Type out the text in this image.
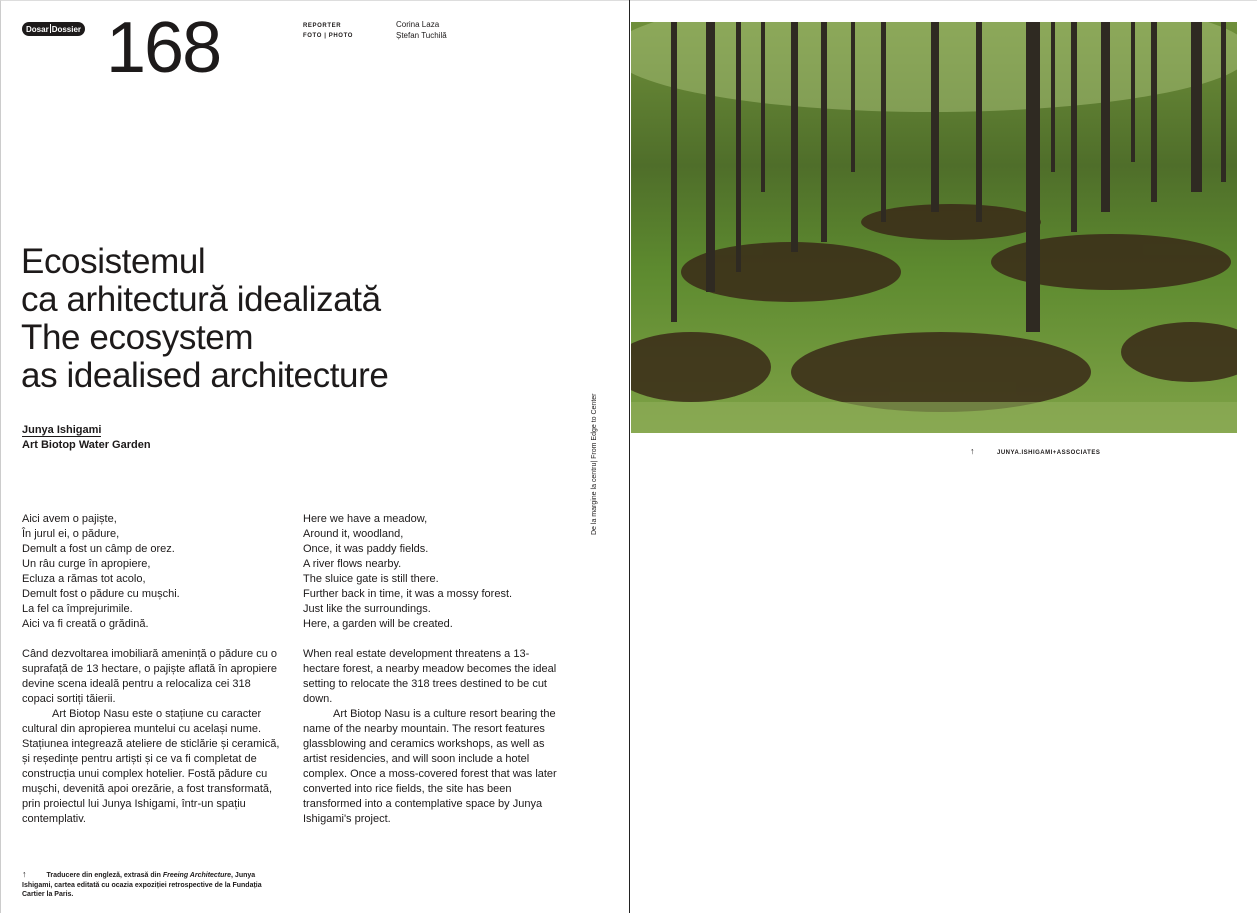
Dosar Dossier 168	REPORTER
FOTO | PHOTO
Corina Laza
Ștefan Tuchilă
Ecosistemul
ca arhitectură idealizată
The ecosystem
as idealised architecture
Junya Ishigami
Art Biotop Water Garden

Aici avem o pajiște,
În jurul ei, o pădure,
Demult a fost un câmp de orez.
Un râu curge în apropiere,
Ecluza a rămas tot acolo,
Demult fost o pădure cu mușchi.
La fel ca împrejurimile.
Aici va fi creată o grădină.

Când dezvoltarea imobiliară amenință o pădure cu o suprafață de 13 hectare, o pajiște aflată în apropiere devine scena ideală pentru a relocaliza cei 318 copaci sortiți tăierii.

Art Biotop Nasu este o stațiune cu caracter cultural din apropierea muntelui cu același nume. Stațiunea integrează ateliere de sticlărie și ceramică, și reședințe pentru artiști și ce va fi completat de construcția unui complex hotelier. Fostă pădure cu mușchi, devenită apoi orezărie, a fost transformată, prin proiectul lui Junya Ishigami, într-un spațiu contemplativ.

Here we have a meadow,
Around it, woodland,
Once, it was paddy fields.
A river flows nearby.
The sluice gate is still there.
Further back in time, it was a mossy forest.
Just like the surroundings.
Here, a garden will be created.

When real estate development threatens a 13-hectare forest, a nearby meadow becomes the ideal setting to relocate the 318 trees destined to be cut down.

Art Biotop Nasu is a culture resort bearing the name of the nearby mountain. The resort features glassblowing and ceramics workshops, as well as artist residencies, and will soon include a hotel complex. Once a moss-covered forest that was later converted into rice fields, the site has been transformed into a contemplative space by Junya Ishigami's project.

De la margine la centru| From Edge to Center	↑	JUNYA.ISHIGAMI+ASSOCIATES
↑	Traducere din engleză, extrasă din Freeing Architecture, Junya Ishigami, cartea editată cu ocazia expoziției retrospective de la Fundația Cartier la Paris.
